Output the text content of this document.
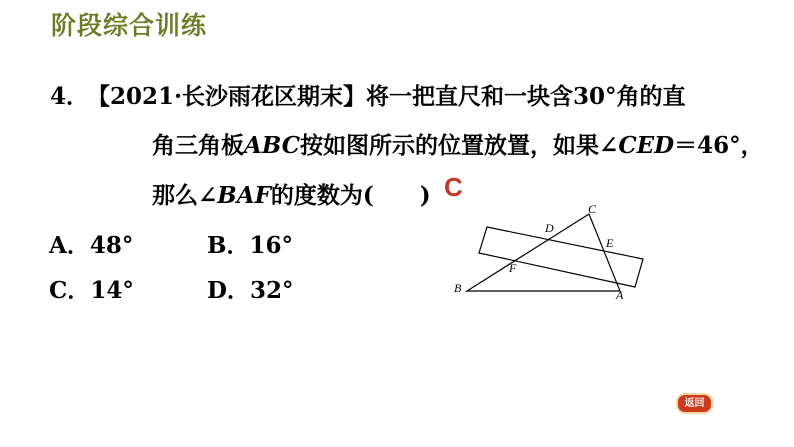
阶段综合训练
4．
【2021·长沙雨花区期末】将一把直尺和一块含30°角的直
角三角板ABC按如图所示的位置放置，如果∠CED＝46°，
那么∠BAF的度数为(　　) C
A．48°	B．16°
C．14°	D．32°
C
D
E
F
B	A
返回
